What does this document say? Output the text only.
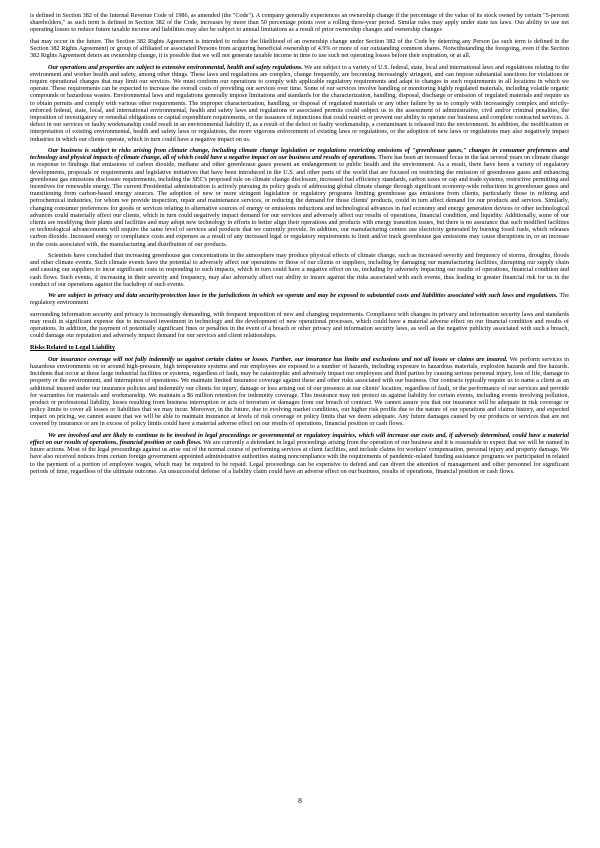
is defined in Section 382 of the Internal Revenue Code of 1986, as amended (the "Code"). A company generally experiences an ownership change if the percentage of the value of its stock owned by certain "5-percent shareholders," as such term is defined in Section 382 of the Code, increases by more than 50 percentage points over a rolling three-year period. Similar rules may apply under state tax laws. Our ability to use net operating losses to reduce future taxable income and liabilities may also be subject to annual limitations as a result of prior ownership changes and ownership changes

that may occur in the future. The Section 382 Rights Agreement is intended to reduce the likelihood of an ownership change under Section 382 of the Code by deterring any Person (as such term is defined in the Section 382 Rights Agreement) or group of affiliated or associated Persons from acquiring beneficial ownership of 4.9% or more of our outstanding common shares. Notwithstanding the foregoing, even if the Section 382 Rights Agreement deters an ownership change, it is possible that we will not generate taxable income in time to use such net operating losses before their expiration, or at all.

Our operations and properties are subject to extensive environmental, health and safety regulations. We are subject to a variety of U.S. federal, state, local and international laws and regulations relating to the environment and worker health and safety, among other things. These laws and regulations are complex, change frequently, are becoming increasingly stringent, and can impose substantial sanctions for violations or require operational changes that may limit our services. We must conform our operations to comply with applicable regulatory requirements and adapt to changes in such requirements in all locations in which we operate. These requirements can be expected to increase the overall costs of providing our services over time. Some of our services involve handling or monitoring highly regulated materials, including volatile organic compounds or hazardous wastes. Environmental laws and regulations generally impose limitations and standards for the characterization, handling, disposal, discharge or emission of regulated materials and require us to obtain permits and comply with various other requirements. The improper characterization, handling, or disposal of regulated materials or any other failure by us to comply with increasingly complex and strictly-enforced federal, state, local, and international environmental, health and safety laws and regulations or associated permits could subject us to the assessment of administrative, civil and/or criminal penalties, the imposition of investigatory or remedial obligations or capital expenditure requirements, or the issuance of injunctions that could restrict or prevent our ability to operate our business and complete contracted services. A defect in our services or faulty workmanship could result in an environmental liability if, as a result of the defect or faulty workmanship, a contaminant is released into the environment. In addition, the modification or interpretation of existing environmental, health and safety laws or regulations, the more vigorous enforcement of existing laws or regulations, or the adoption of new laws or regulations may also negatively impact industries in which our clients operate, which in turn could have a negative impact on us.

Our business is subject to risks arising from climate change, including climate change legislation or regulations restricting emissions of "greenhouse gases," changes in consumer preferences and technology and physical impacts of climate change, all of which could have a negative impact on our business and results of operations. There has been an increased focus in the last several years on climate change in response to findings that emissions of carbon dioxide, methane and other greenhouse gases present an endangerment to public health and the environment. As a result, there have been a variety of regulatory developments, proposals or requirements and legislative initiatives that have been introduced in the U.S. and other parts of the world that are focused on restricting the emission of greenhouse gases and enhancing greenhouse gas emissions disclosure requirements, including the SEC's proposed rule on climate change disclosure, increased fuel efficiency standards, carbon taxes or cap and trade systems, restrictive permitting and incentives for renewable energy. The current Presidential administration is actively pursuing its policy goals of addressing global climate change through significant economy-wide reductions in greenhouse gases and transitioning from carbon-based energy sources. The adoption of new or more stringent legislation or regulatory programs limiting greenhouse gas emissions from clients, particularly those in refining and petrochemical industries, for whom we provide inspection, repair and maintenance services, or reducing the demand for those clients' products, could in turn affect demand for our products and services. Similarly, changing consumer preferences for goods or services relating to alternative sources of energy or emissions reductions and technological advances in fuel economy and energy generation devices or other technological advances could materially affect our clients, which in turn could negatively impact demand for our services and adversely affect our results of operations, financial condition, and liquidity. Additionally, some of our clients are modifying their plants and facilities and may adopt new technology in efforts to better align their operations and products with energy transition issues, but there is no assurance that such modified facilities or technological advancements will require the same level of services and products that we currently provide. In addition, our manufacturing centers use electricity generated by burning fossil fuels, which releases carbon dioxide. Increased energy or compliance costs and expenses as a result of any increased legal or regulatory requirements to limit and/or track greenhouse gas emissions may cause disruptions in, or an increase in the costs associated with, the manufacturing and distribution of our products.

Scientists have concluded that increasing greenhouse gas concentrations in the atmosphere may produce physical effects of climate change, such as increased severity and frequency of storms, droughts, floods and other climate events. Such climate events have the potential to adversely affect our operations or those of our clients or suppliers, including by damaging our manufacturing facilities, disrupting our supply chain and causing our suppliers to incur significant costs in responding to such impacts, which in turn could have a negative effect on us, including by adversely impacting our results of operations, financial condition and cash flows. Such events, if increasing in their severity and frequency, may also adversely affect our ability to insure against the risks associated with such events, thus leading to greater financial risk for us in the conduct of our operations against the backdrop of such events.

We are subject to privacy and data security/protection laws in the jurisdictions in which we operate and may be exposed to substantial costs and liabilities associated with such laws and regulations. The regulatory environment

surrounding information security and privacy is increasingly demanding, with frequent imposition of new and changing requirements. Compliance with changes in privacy and information security laws and standards may result in significant expense due to increased investment in technology and the development of new operational processes, which could have a material adverse effect on our financial condition and results of operations. In addition, the payment of potentially significant fines or penalties in the event of a breach or other privacy and information security laws, as well as the negative publicity associated with such a breach, could damage our reputation and adversely impact demand for our services and client relationships.

Risks Related to Legal Liability

Our insurance coverage will not fully indemnify us against certain claims or losses. Further, our insurance has limits and exclusions and not all losses or claims are insured. We perform services in hazardous environments on or around high-pressure, high temperature systems and our employees are exposed to a number of hazards, including exposure to hazardous materials, explosion hazards and fire hazards. Incidents that occur at these large industrial facilities or systems, regardless of fault, may be catastrophic and adversely impact our employees and third parties by causing serious personal injury, loss of life, damage to property or the environment, and interruption of operations. We maintain limited insurance coverage against these and other risks associated with our business. Our contracts typically require us to name a client as an additional insured under our insurance policies and indemnify our clients for injury, damage or loss arising out of our presence at our clients' location, regardless of fault, or the performance of our services and provide for warranties for materials and workmanship. We maintain a $6 million retention for indemnity coverage. This insurance may not protect us against liability for certain events, including events involving pollution, product or professional liability, losses resulting from business interruption or acts of terrorism or damages from our breach of contract. We cannot assure you that our insurance will be adequate in risk coverage or policy limits to cover all losses or liabilities that we may incur. Moreover, in the future, due to evolving market conditions, our higher risk profile due to the nature of our operations and claims history, and expected impact on pricing, we cannot assure that we will be able to maintain insurance at levels of risk coverage or policy limits that we deem adequate. Any future damages caused by our products or services that are not covered by insurance or are in excess of policy limits could have a material adverse effect on our results of operations, financial position or cash flows.

We are involved and are likely to continue to be involved in legal proceedings or governmental or regulatory inquiries, which will increase our costs and, if adversely determined, could have a material effect on our results of operations, financial position or cash flows. We are currently a defendant in legal proceedings arising from the operation of our business and it is reasonable to expect that we will be named in future actions. Most of the legal proceedings against us arise out of the normal course of performing services at client facilities, and include claims for workers' compensation, personal injury and property damage. We have also received notices from certain foreign government appointed administrative authorities stating noncompliance with the requirements of pandemic-related funding assistance programs we participated in related to the payment of a portion of employee wages, which may be required to be repaid. Legal proceedings can be expensive to defend and can divert the attention of management and other personnel for significant periods of time, regardless of the ultimate outcome. An unsuccessful defense of a liability claim could have an adverse effect on our business, results of operations, financial position or cash flows.

8
